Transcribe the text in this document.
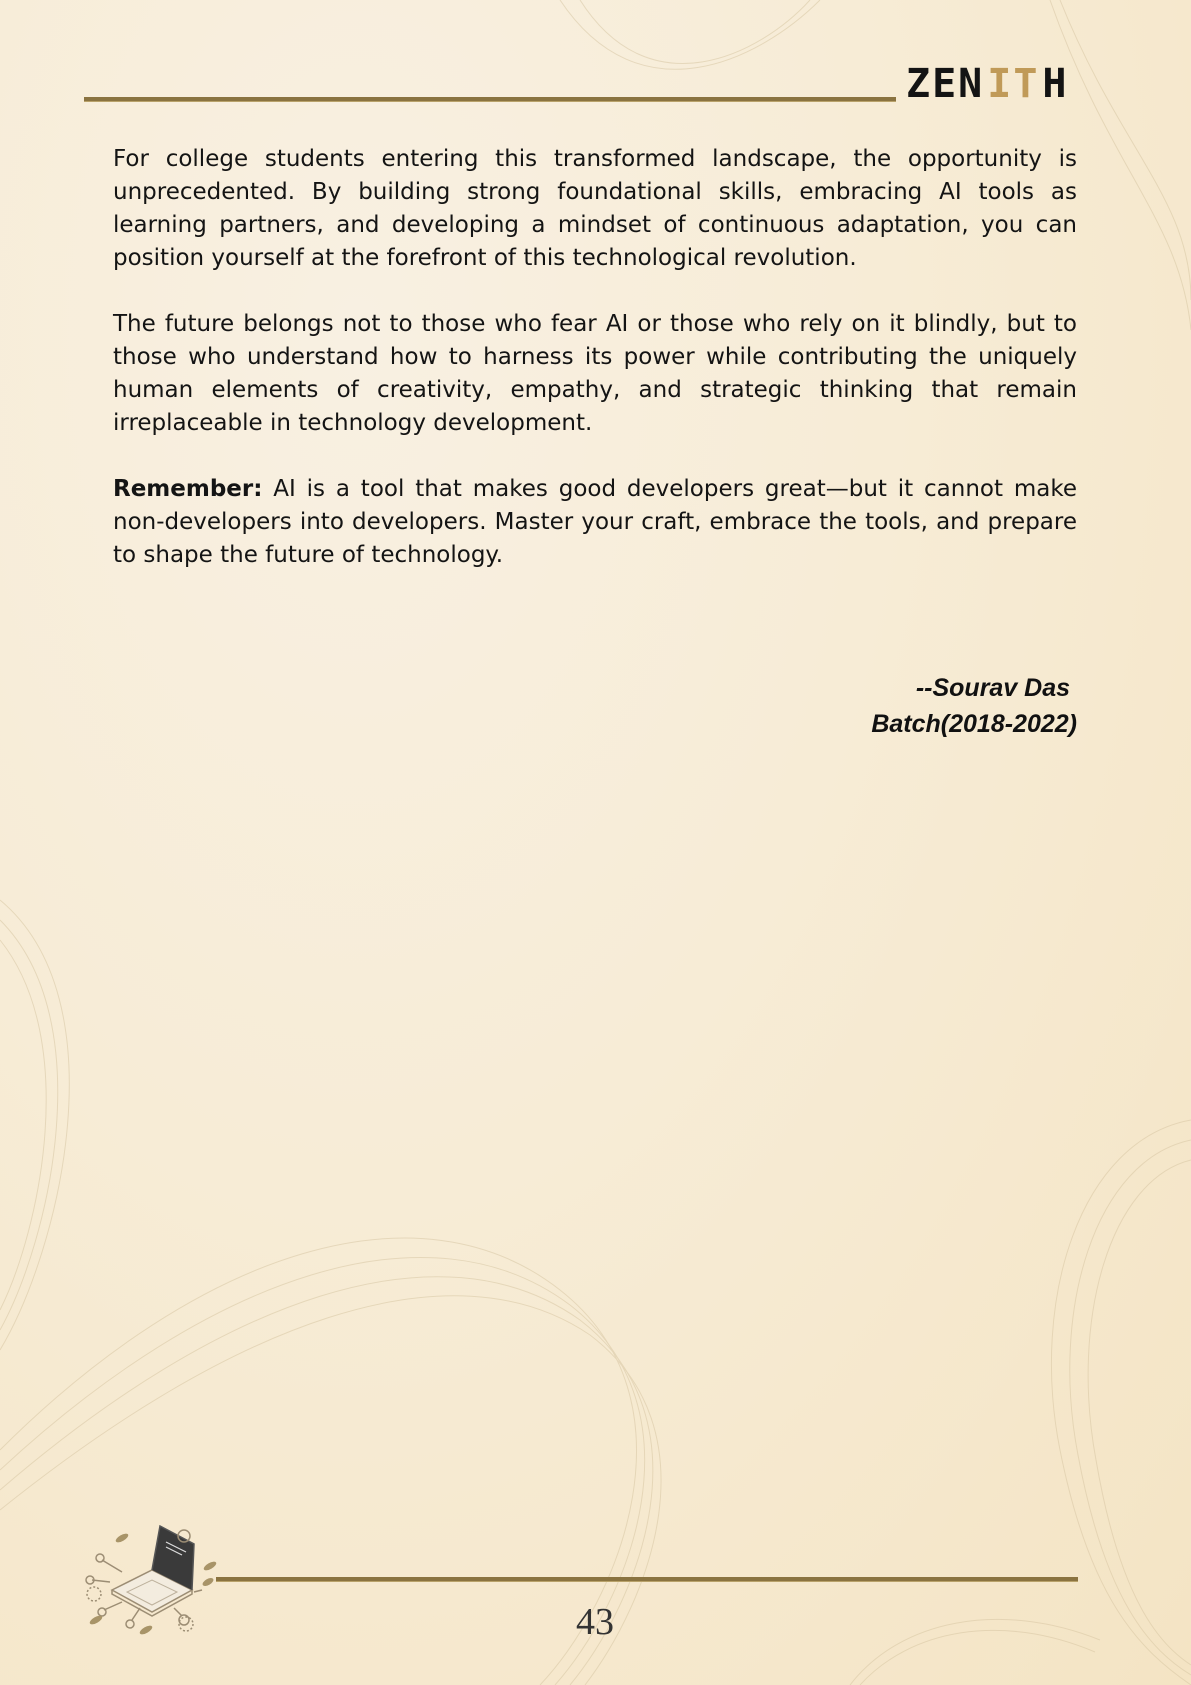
ZEN IT H

For college students entering this transformed landscape, the opportunity is unprecedented. By building strong foundational skills, embracing AI tools as learning partners, and developing a mindset of continuous adaptation, you can position yourself at the forefront of this technological revolution.

The future belongs not to those who fear AI or those who rely on it blindly, but to those who understand how to harness its power while contributing the uniquely human elements of creativity, empathy, and strategic thinking that remain irreplaceable in technology development.

Remember: AI is a tool that makes good developers great—but it cannot make non-developers into developers. Master your craft, embrace the tools, and prepare to shape the future of technology.

--Sourav Das
Batch(2018-2022)
43
